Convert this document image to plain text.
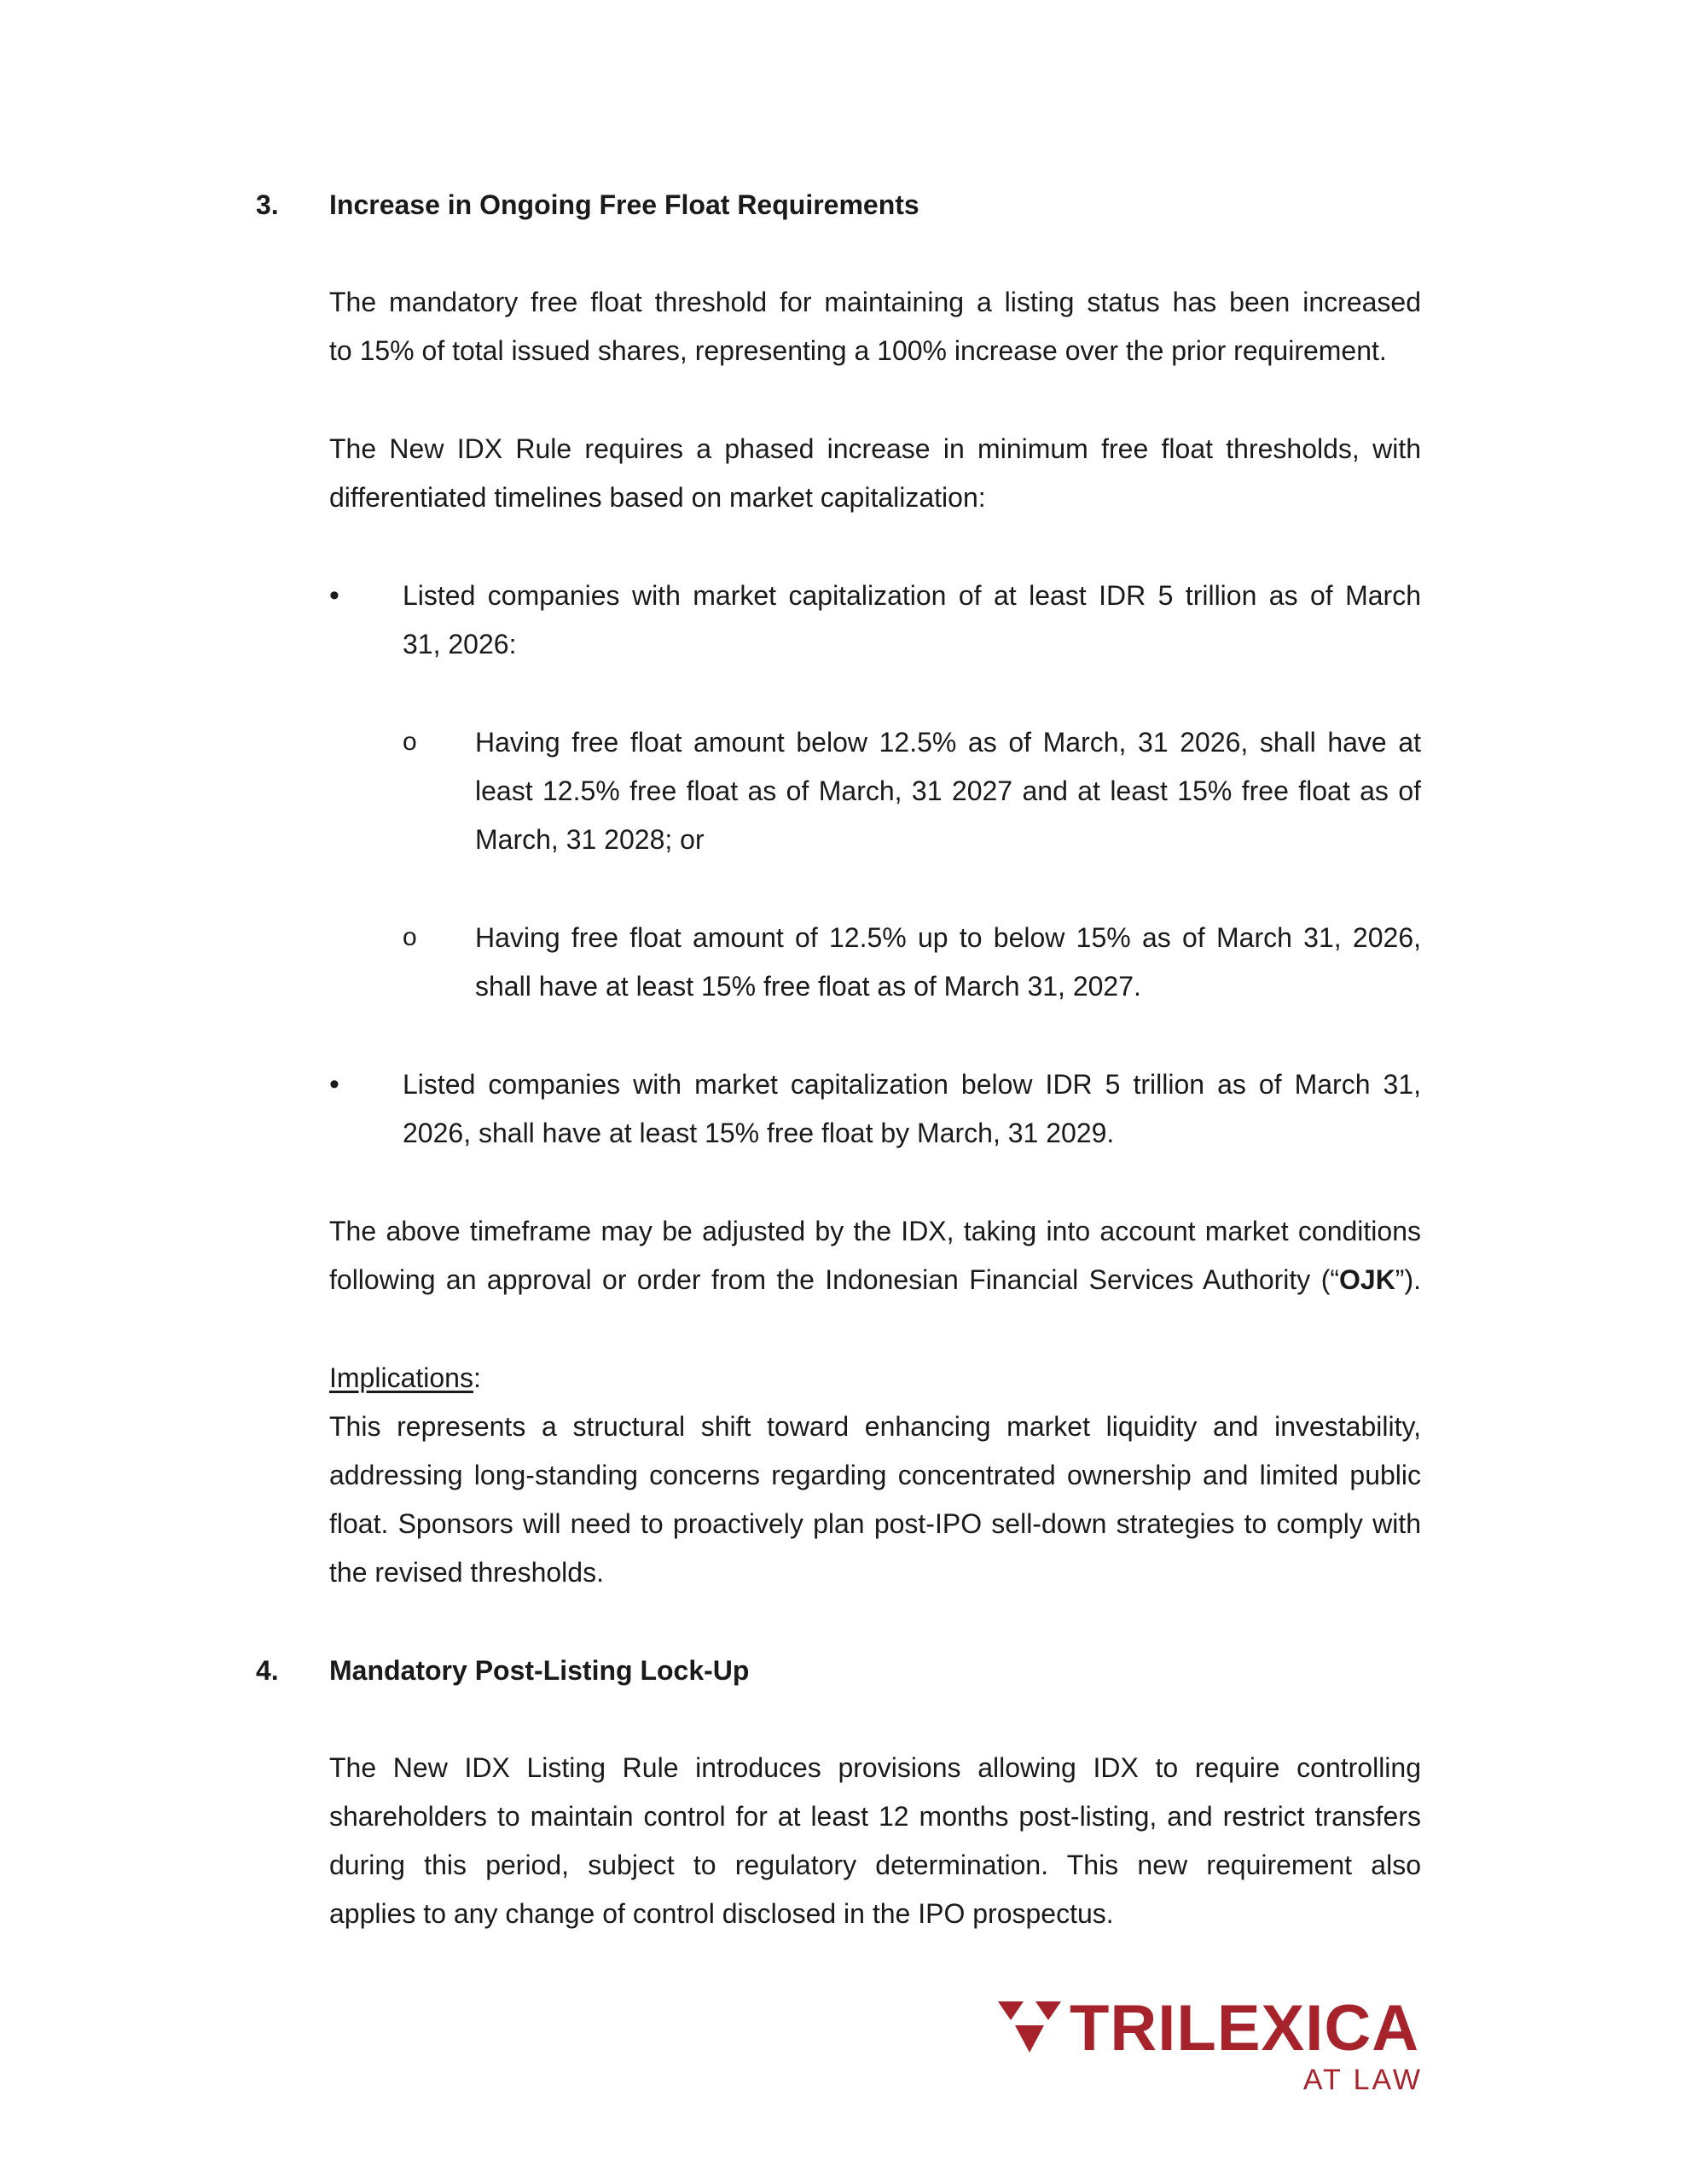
3. Increase in Ongoing Free Float Requirements
The mandatory free float threshold for maintaining a listing status has been increased
to 15% of total issued shares, representing a 100% increase over the prior requirement.
The New IDX Rule requires a phased increase in minimum free float thresholds, with
differentiated timelines based on market capitalization:
• Listed companies with market capitalization of at least IDR 5 trillion as of March
31, 2026:
o Having free float amount below 12.5% as of March, 31 2026, shall have at
least 12.5% free float as of March, 31 2027 and at least 15% free float as of
March, 31 2028; or
o Having free float amount of 12.5% up to below 15% as of March 31, 2026,
shall have at least 15% free float as of March 31, 2027.
• Listed companies with market capitalization below IDR 5 trillion as of March 31,
2026, shall have at least 15% free float by March, 31 2029.
The above timeframe may be adjusted by the IDX, taking into account market conditions
following an approval or order from the Indonesian Financial Services Authority (“OJK”).
Implications:
This represents a structural shift toward enhancing market liquidity and investability,
addressing long-standing concerns regarding concentrated ownership and limited public
float. Sponsors will need to proactively plan post-IPO sell-down strategies to comply with
the revised thresholds.
4. Mandatory Post-Listing Lock-Up
The New IDX Listing Rule introduces provisions allowing IDX to require controlling
shareholders to maintain control for at least 12 months post-listing, and restrict transfers
during this period, subject to regulatory determination. This new requirement also
applies to any change of control disclosed in the IPO prospectus.
TRILEXICA
AT LAW
